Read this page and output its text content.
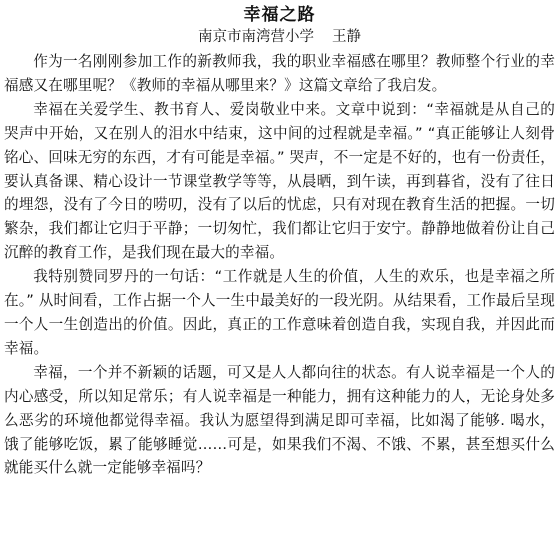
幸福之路
南京市南湾营小学 王静

作为一名刚刚参加工作的新教师我，我的职业幸福感在哪里？教师整个行业的幸福感又在哪里呢？《教师的幸福从哪里来？》这篇文章给了我启发。

幸福在关爱学生、教书育人、爱岗敬业中来。文章中说到：“幸福就是从自己的哭声中开始，又在别人的泪水中结束，这中间的过程就是幸福。” “真正能够让人刻骨铭心、回味无穷的东西，才有可能是幸福。” 哭声，不一定是不好的，也有一份责任，要认真备课、精心设计一节课堂教学等等，从晨晒，到午读，再到暮省，没有了往日的埋怨，没有了今日的唠叨，没有了以后的忧虑，只有对现在教育生活的把握。一切繁杂，我们都让它归于平静；一切匆忙，我们都让它归于安宁。静静地做着份让自己沉醉的教育工作，是我们现在最大的幸福。

我特别赞同罗丹的一句话：“工作就是人生的价值，人生的欢乐，也是幸福之所在。” 从时间看，工作占据一个人一生中最美好的一段光阴。从结果看，工作最后呈现一个人一生创造出的价值。因此，真正的工作意味着创造自我，实现自我，并因此而幸福。

幸福，一个并不新颖的话题，可又是人人都向往的状态。有人说幸福是一个人的内心感受，所以知足常乐；有人说幸福是一种能力，拥有这种能力的人，无论身处多么恶劣的环境他都觉得幸福。我认为愿望得到满足即可幸福，比如渴了能够. 喝水，饿了能够吃饭，累了能够睡觉……可是，如果我们不渴、不饿、不累，甚至想买什么就能买什么就一定能够幸福吗？
